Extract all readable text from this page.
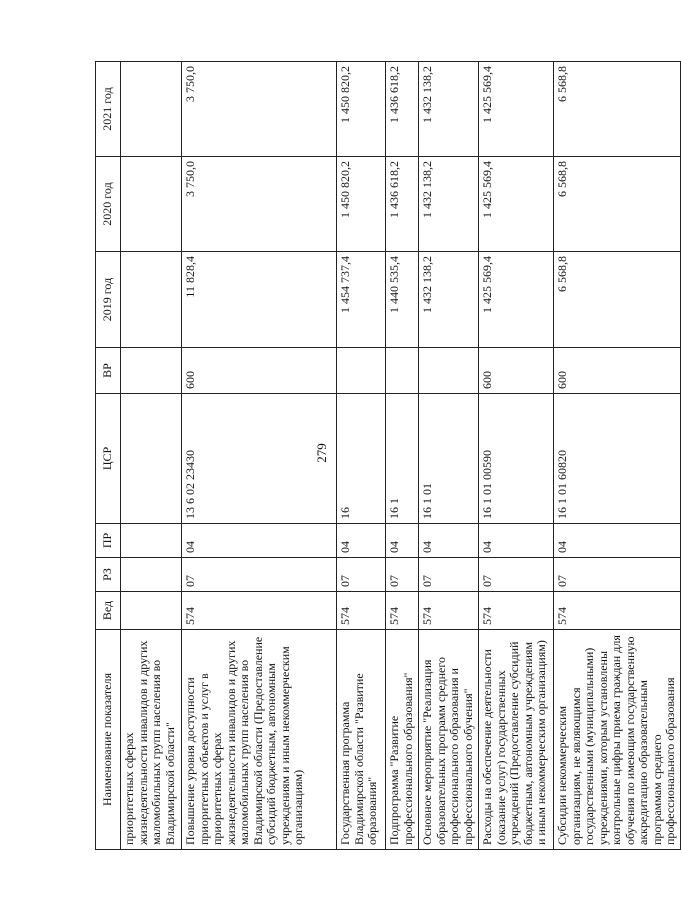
279
Наименование показателя	Вед	РЗ	ПР	ЦСР	ВР	2019 год	2020 год	2021 год
приоритетных сферах жизнедеятельности инвалидов и других маломобильных групп населения во Владимирской области"								
Повышение уровня доступности приоритетных объектов и услуг в приоритетных сферах жизнедеятельности инвалидов и других маломобильных групп населения во Владимирской области (Предоставление субсидий бюджетным, автономным учреждениям и иным некоммерческим организациям)	574	07	04	13 6 02 23430	600	11 828,4	3 750,0	3 750,0
Государственная программа Владимирской области "Развитие образования"	574	07	04	16		1 454 737,4	1 450 820,2	1 450 820,2
Подпрограмма "Развитие профессионального образования"	574	07	04	16 1		1 440 535,4	1 436 618,2	1 436 618,2
Основное мероприятие "Реализация образовательных программ среднего профессионального образования и профессионального обучения"	574	07	04	16 1 01		1 432 138,2	1 432 138,2	1 432 138,2
Расходы на обеспечение деятельности (оказание услуг) государственных учреждений (Предоставление субсидий бюджетным, автономным учреждениям и иным некоммерческим организациям)	574	07	04	16 1 01 00590	600	1 425 569,4	1 425 569,4	1 425 569,4
Субсидии некоммерческим организациям, не являющимся государственными (муниципальными) учреждениями, которым установлены контрольные цифры приема граждан для обучения по имеющим государственную аккредитацию образовательным программам среднего профессионального образования	574	07	04	16 1 01 60820	600	6 568,8	6 568,8	6 568,8
